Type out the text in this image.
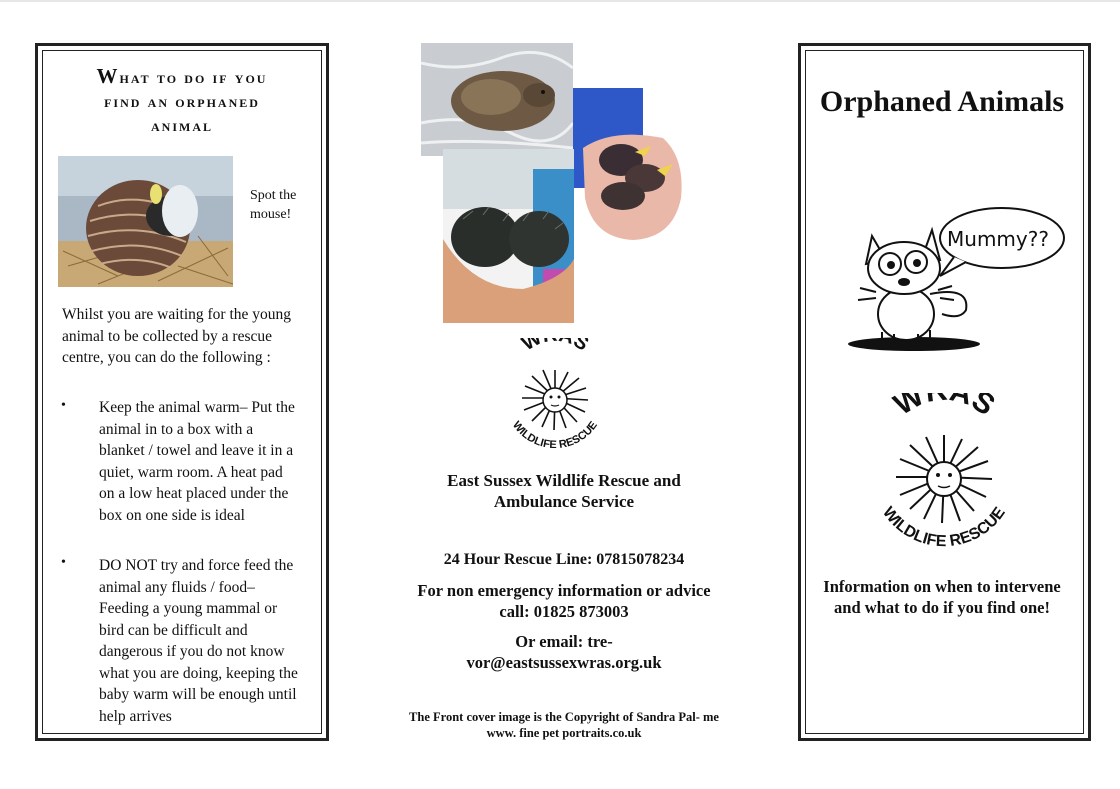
What to do if you
find an orphaned
animal
Spot the mouse!
Whilst you are waiting for the young animal to be collected by a rescue centre, you can do the following :
• Keep the animal warm– Put the animal in to a box with a blanket / towel and leave it in a quiet, warm room. A heat pad on a low heat placed under the box on one side is ideal
• DO NOT try and force feed the animal any fluids / food– Feeding a young mammal or bird can be difficult and dangerous if you do not know what you are doing, keeping the baby warm will be enough until help arrives
W S
WILDLIFE RESCUE
East Sussex Wildlife Rescue and Ambulance Service
24 Hour Rescue Line: 07815078234
For non emergency information or advice call: 01825 873003
Or email: tre-
vor@eastsussexwras.org.uk
The Front cover image is the Copyright of Sandra Pal- me www. fine pet portraits.co.uk
Orphaned Animals
Mummy??
W AS
WILDLIFE RESCUE
Information on when to intervene and what to do if you find one!
